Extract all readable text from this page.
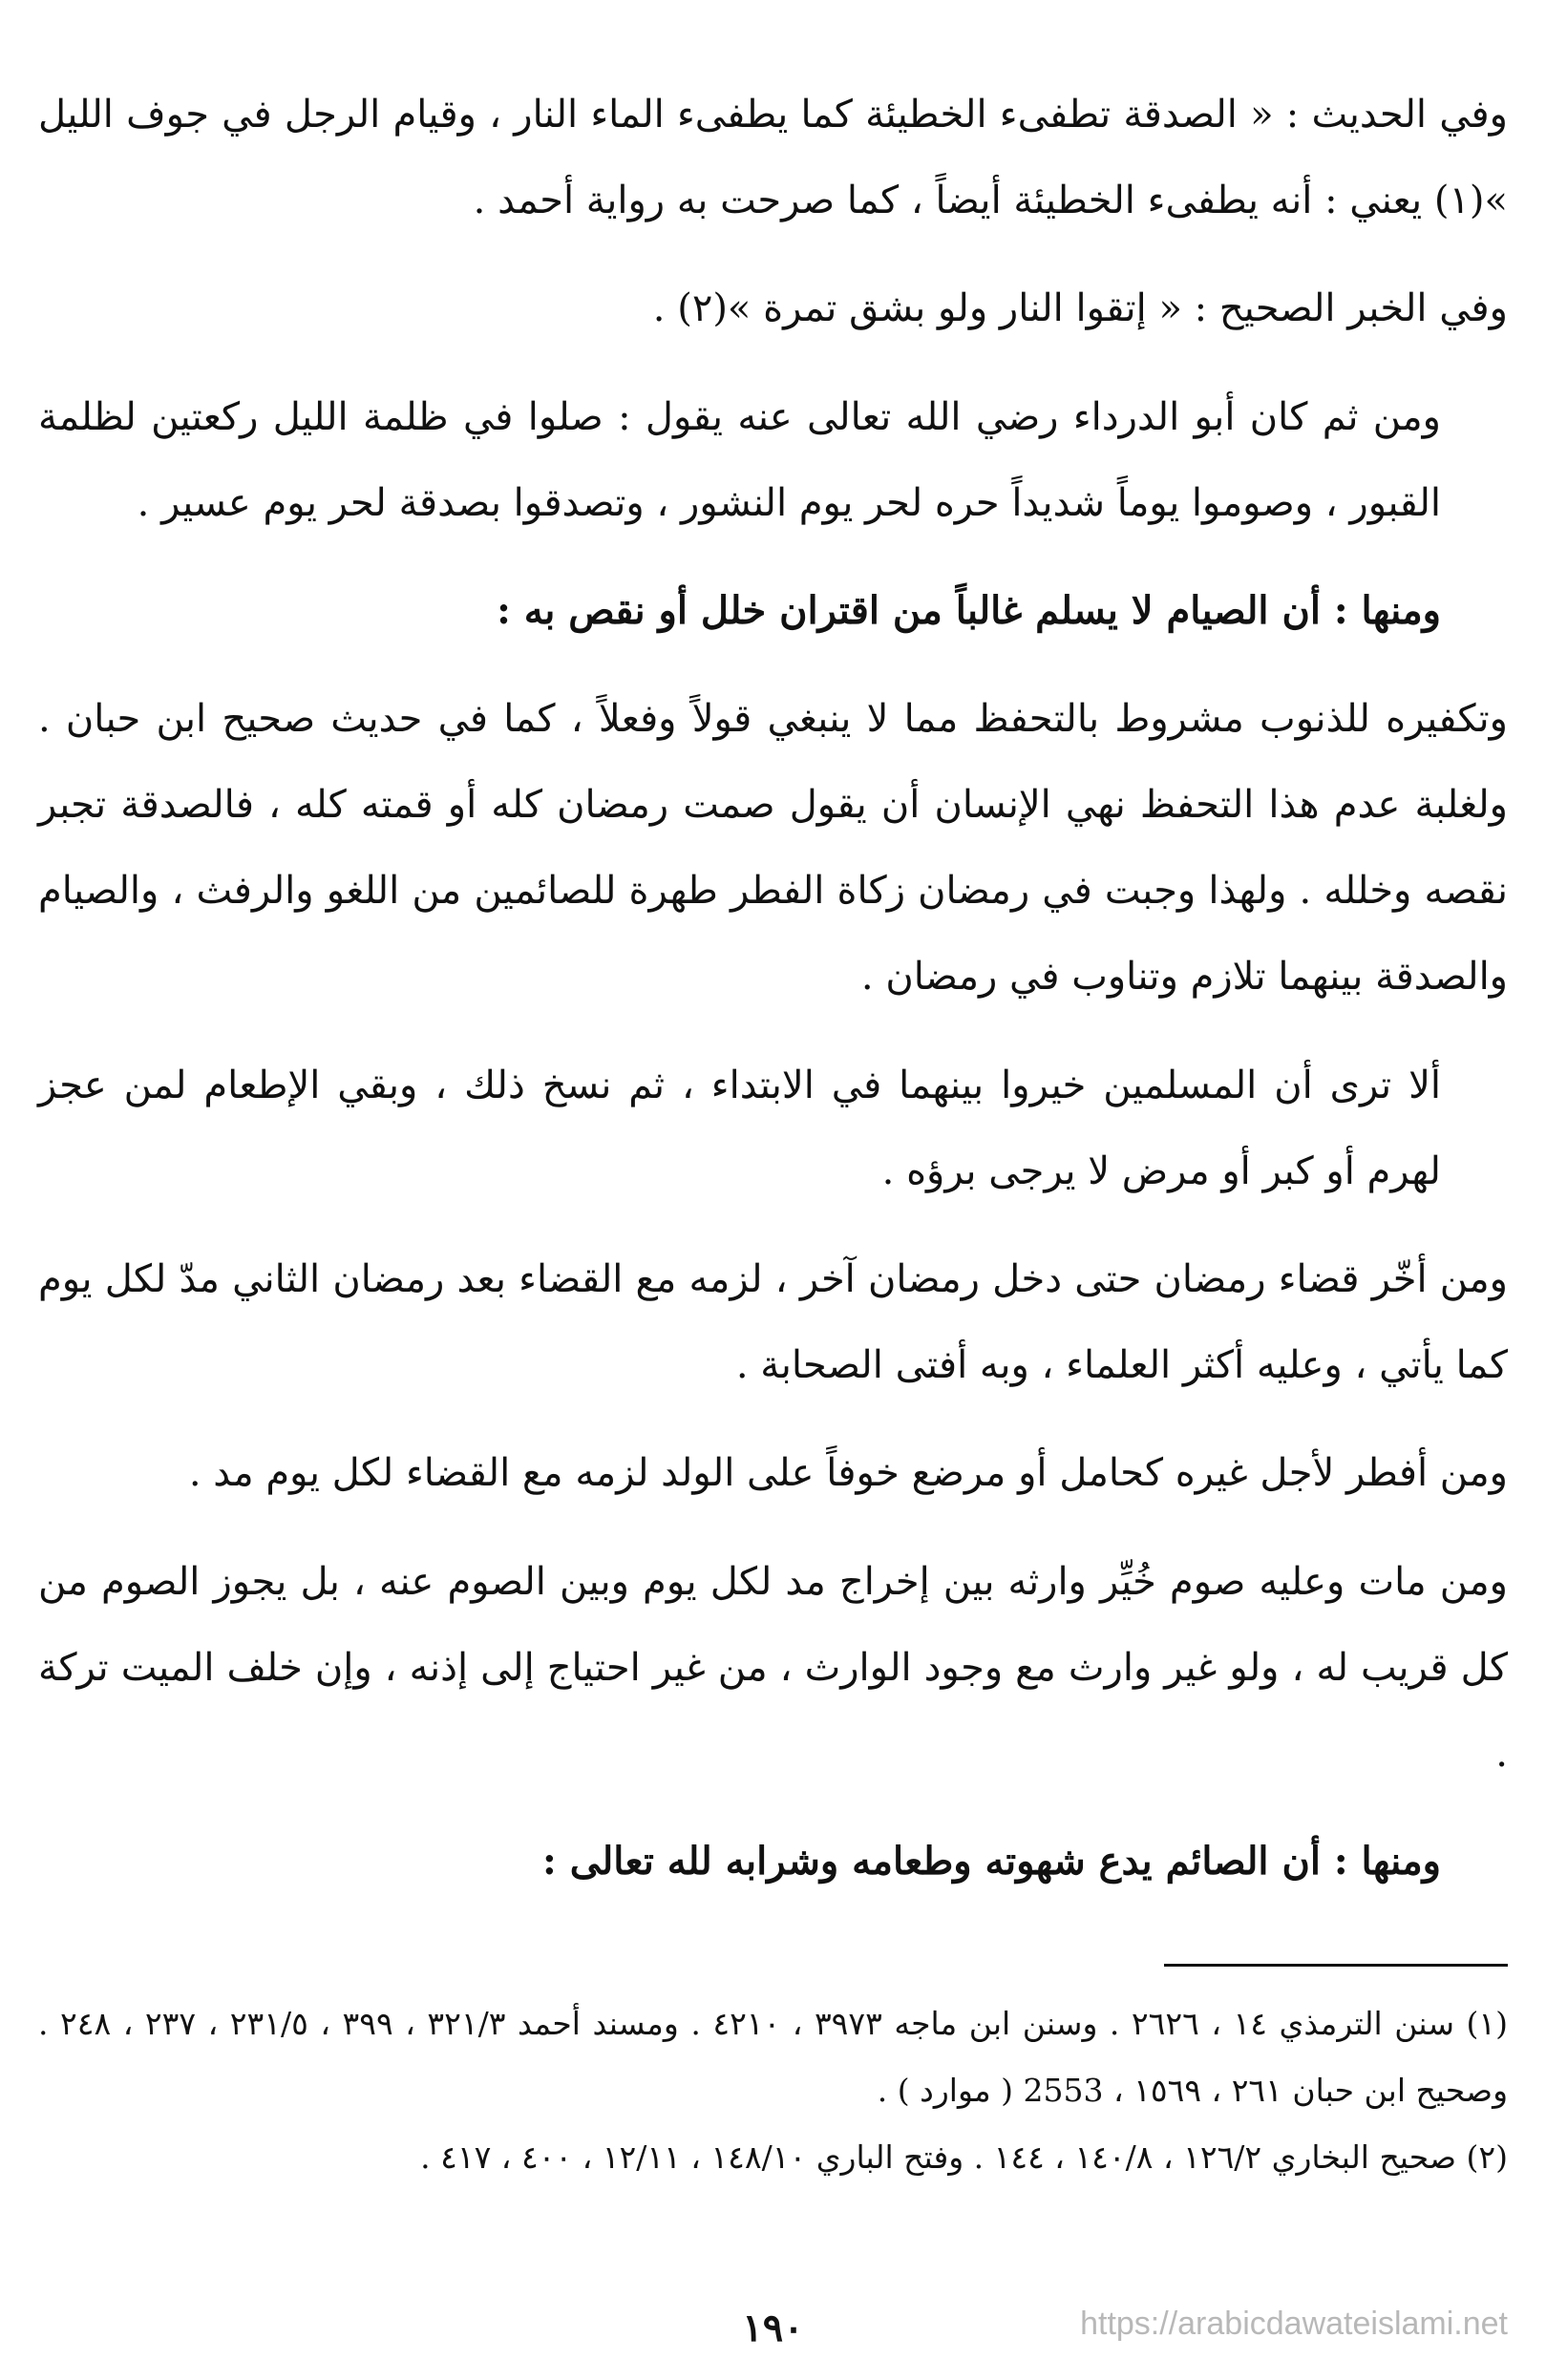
وفي الحديث : « الصدقة تطفىء الخطيئة كما يطفىء الماء النار ، وقيام الرجل في جوف الليل »(١) يعني : أنه يطفىء الخطيئة أيضاً ، كما صرحت به رواية أحمد .

وفي الخبر الصحيح : « إتقوا النار ولو بشق تمرة »(٢) .

ومن ثم كان أبو الدرداء رضي الله تعالى عنه يقول : صلوا في ظلمة الليل ركعتين لظلمة القبور ، وصوموا يوماً شديداً حره لحر يوم النشور ، وتصدقوا بصدقة لحر يوم عسير .

ومنها : أن الصيام لا يسلم غالباً من اقتران خلل أو نقص به :

وتكفيره للذنوب مشروط بالتحفظ مما لا ينبغي قولاً وفعلاً ، كما في حديث صحيح ابن حبان . ولغلبة عدم هذا التحفظ نهي الإنسان أن يقول صمت رمضان كله أو قمته كله ، فالصدقة تجبر نقصه وخلله . ولهذا وجبت في رمضان زكاة الفطر طهرة للصائمين من اللغو والرفث ، والصيام والصدقة بينهما تلازم وتناوب في رمضان .

ألا ترى أن المسلمين خيروا بينهما في الابتداء ، ثم نسخ ذلك ، وبقي الإطعام لمن عجز لهرم أو كبر أو مرض لا يرجى برؤه .

ومن أخّر قضاء رمضان حتى دخل رمضان آخر ، لزمه مع القضاء بعد رمضان الثاني مدّ لكل يوم كما يأتي ، وعليه أكثر العلماء ، وبه أفتى الصحابة .

ومن أفطر لأجل غيره كحامل أو مرضع خوفاً على الولد لزمه مع القضاء لكل يوم مد .

ومن مات وعليه صوم خُيِّر وارثه بين إخراج مد لكل يوم وبين الصوم عنه ، بل يجوز الصوم من كل قريب له ، ولو غير وارث مع وجود الوارث ، من غير احتياج إلى إذنه ، وإن خلف الميت تركة .

ومنها : أن الصائم يدع شهوته وطعامه وشرابه لله تعالى :

(١) سنن الترمذي ١٤ ، ٢٦٢٦ . وسنن ابن ماجه ٣٩٧٣ ، ٤٢١٠ . ومسند أحمد ٣٢١/٣ ، ٣٩٩ ، ٢٣١/٥ ، ٢٣٧ ، ٢٤٨ . وصحيح ابن حبان ٢٦١ ، ١٥٦٩ ، 2553 ( موارد ) .

(٢) صحيح البخاري ١٢٦/٢ ، ١٤٠/٨ ، ١٤٤ . وفتح الباري ١٤٨/١٠ ، ١٢/١١ ، ٤٠٠ ، ٤١٧ .

١٩٠	https://arabicdawateislami.net
